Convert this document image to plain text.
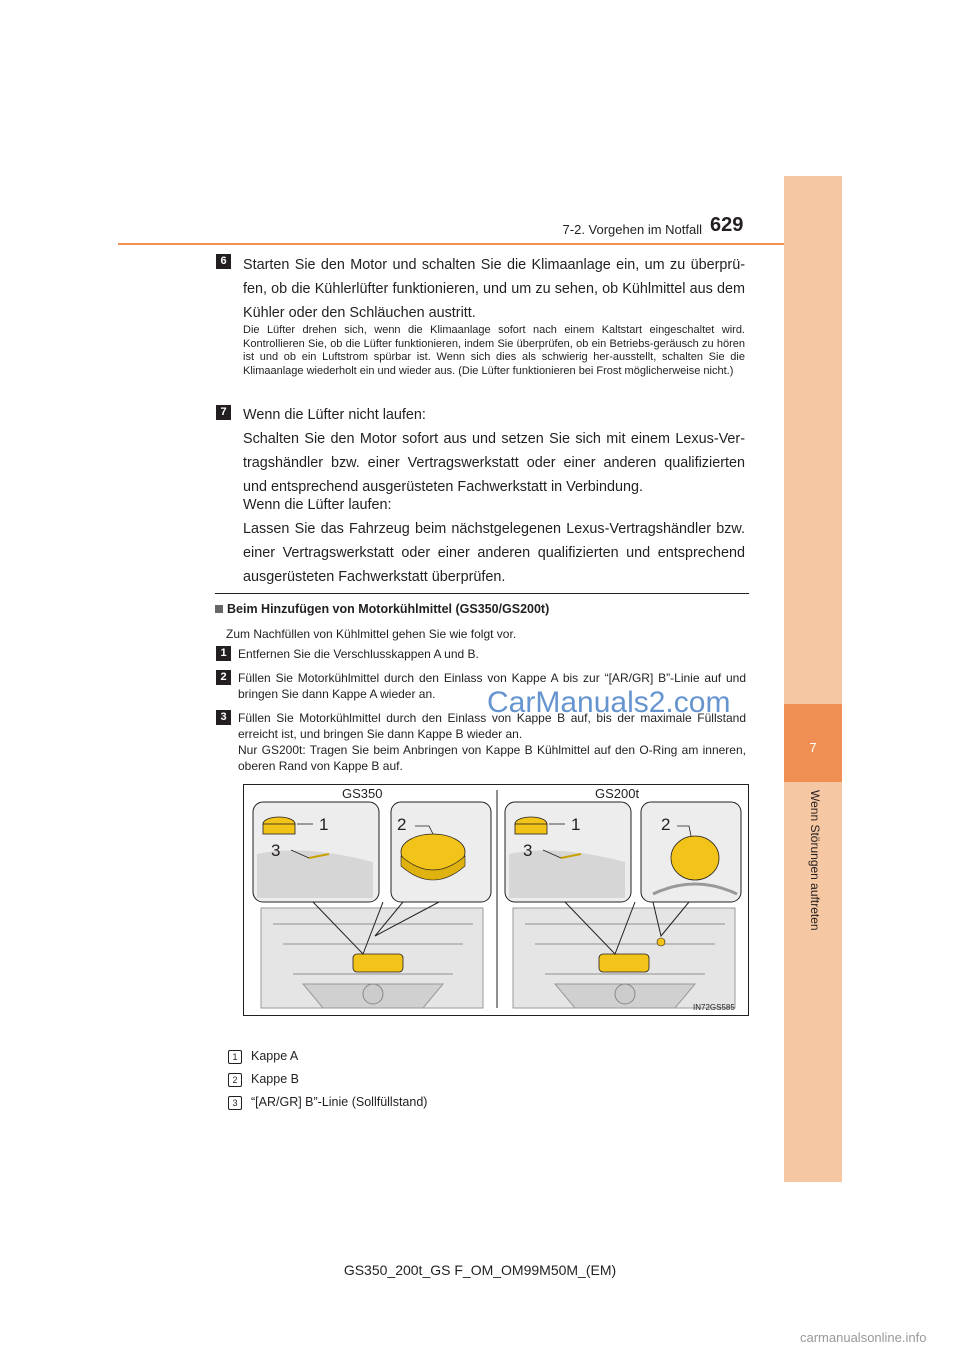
7
Wenn Störungen auftreten
7-2. Vorgehen im Notfall 629
6	Starten Sie den Motor und schalten Sie die Klimaanlage ein, um zu überprü-fen, ob die Kühlerlüfter funktionieren, und um zu sehen, ob Kühlmittel aus dem Kühler oder den Schläuchen austritt.
Die Lüfter drehen sich, wenn die Klimaanlage sofort nach einem Kaltstart eingeschaltet wird. Kontrollieren Sie, ob die Lüfter funktionieren, indem Sie überprüfen, ob ein Betriebs-geräusch zu hören ist und ob ein Luftstrom spürbar ist. Wenn sich dies als schwierig her-ausstellt, schalten Sie die Klimaanlage wiederholt ein und wieder aus. (Die Lüfter funktionieren bei Frost möglicherweise nicht.)
7	Wenn die Lüfter nicht laufen:
Schalten Sie den Motor sofort aus und setzen Sie sich mit einem Lexus-Ver-tragshändler bzw. einer Vertragswerkstatt oder einer anderen qualifizierten und entsprechend ausgerüsteten Fachwerkstatt in Verbindung.
Wenn die Lüfter laufen:
Lassen Sie das Fahrzeug beim nächstgelegenen Lexus-Vertragshändler bzw. einer Vertragswerkstatt oder einer anderen qualifizierten und entsprechend ausgerüsteten Fachwerkstatt überprüfen.
Beim Hinzufügen von Motorkühlmittel (GS350/GS200t)
Zum Nachfüllen von Kühlmittel gehen Sie wie folgt vor.
1 Entfernen Sie die Verschlusskappen A und B.
2 Füllen Sie Motorkühlmittel durch den Einlass von Kappe A bis zur “[AR/GR] B”-Linie auf und bringen Sie dann Kappe A wieder an.
3 Füllen Sie Motorkühlmittel durch den Einlass von Kappe B auf, bis der maximale Füllstand erreicht ist, und bringen Sie dann Kappe B wieder an.
Nur GS200t: Tragen Sie beim Anbringen von Kappe B Kühlmittel auf den O-Ring am inneren, oberen Rand von Kappe B auf.
CarManuals2.com
GS350	GS200t
1	2
3
1	2
3
IN72GS585
1	Kappe A
2	Kappe B
3	“[AR/GR] B”-Linie (Sollfüllstand)
GS350_200t_GS F_OM_OM99M50M_(EM)
carmanualsonline.info
